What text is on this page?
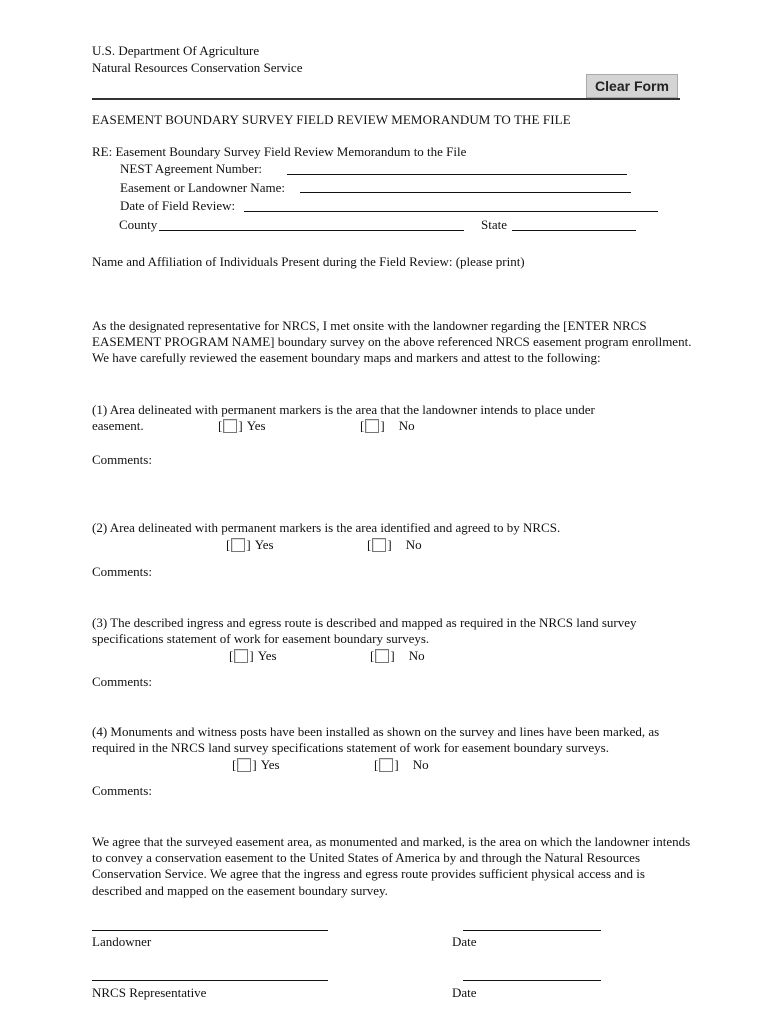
U.S. Department Of Agriculture
Natural Resources Conservation Service
Clear Form
EASEMENT BOUNDARY SURVEY FIELD REVIEW MEMORANDUM TO THE FILE
RE: Easement Boundary Survey Field Review Memorandum to the File
NEST Agreement Number:
Easement or Landowner Name:
Date of Field Review:
County	State
Name and Affiliation of Individuals Present during the Field Review: (please print)
As the designated representative for NRCS, I met onsite with the landowner regarding the [ENTER NRCS EASEMENT PROGRAM NAME] boundary survey on the above referenced NRCS easement program enrollment. We have carefully reviewed the easement boundary maps and markers and attest to the following:
(1) Area delineated with permanent markers is the area that the landowner intends to place under easement.	[ ] Yes	[ ] No
Comments:
(2) Area delineated with permanent markers is the area identified and agreed to by NRCS.
[ ] Yes	[ ] No
Comments:
(3) The described ingress and egress route is described and mapped as required in the NRCS land survey specifications statement of work for easement boundary surveys.
[ ] Yes	[ ] No
Comments:
(4) Monuments and witness posts have been installed as shown on the survey and lines have been marked, as required in the NRCS land survey specifications statement of work for easement boundary surveys.
[ ] Yes	[ ] No
Comments:
We agree that the surveyed easement area, as monumented and marked, is the area on which the landowner intends to convey a conservation easement to the United States of America by and through the Natural Resources Conservation Service. We agree that the ingress and egress route provides sufficient physical access and is described and mapped on the easement boundary survey.
Landowner	Date
NRCS Representative	Date
